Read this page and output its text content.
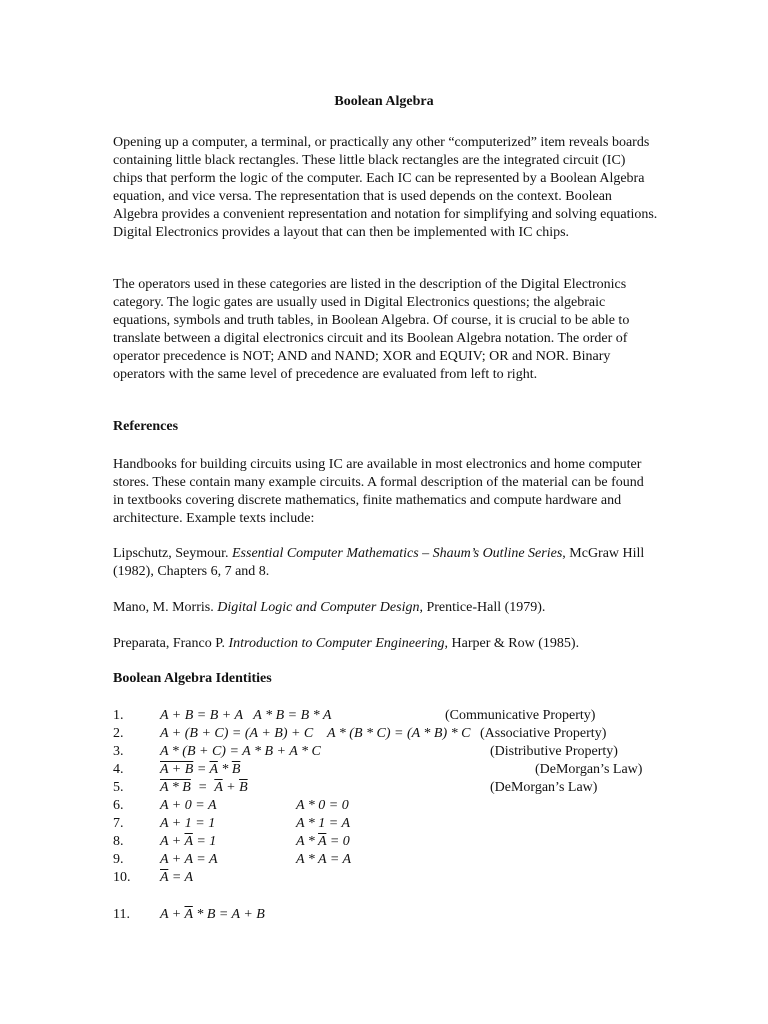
Boolean Algebra
Opening up a computer, a terminal, or practically any other “computerized” item reveals boards containing little black rectangles. These little black rectangles are the integrated circuit (IC) chips that perform the logic of the computer. Each IC can be represented by a Boolean Algebra equation, and vice versa. The representation that is used depends on the context. Boolean Algebra provides a convenient representation and notation for simplifying and solving equations. Digital Electronics provides a layout that can then be implemented with IC chips.
The operators used in these categories are listed in the description of the Digital Electronics category. The logic gates are usually used in Digital Electronics questions; the algebraic equations, symbols and truth tables, in Boolean Algebra. Of course, it is crucial to be able to translate between a digital electronics circuit and its Boolean Algebra notation. The order of operator precedence is NOT; AND and NAND; XOR and EQUIV; OR and NOR. Binary operators with the same level of precedence are evaluated from left to right.
References
Handbooks for building circuits using IC are available in most electronics and home computer stores. These contain many example circuits. A formal description of the material can be found in textbooks covering discrete mathematics, finite mathematics and compute hardware and architecture. Example texts include:
Lipschutz, Seymour. Essential Computer Mathematics – Shaum’s Outline Series, McGraw Hill (1982), Chapters 6, 7 and 8.
Mano, M. Morris. Digital Logic and Computer Design, Prentice-Hall (1979).
Preparata, Franco P. Introduction to Computer Engineering, Harper & Row (1985).
Boolean Algebra Identities
1.	A + B = B + A   A * B = B * A	(Communicative Property)
2.	A + (B + C) = (A + B) + C    A * (B * C) = (A * B) * C (Associative Property)
3.	A * (B + C) = A * B + A * C	(Distributive Property)
4.	$A + B = \overline{A} * \overline{B}$	(DeMorgan’s Law)
5.	$A * B = \overline{A} + \overline{B}$	(DeMorgan’s Law)
6.	A + 0 = A	A * 0 = 0
7.	A + 1 = 1	A * 1 = A
8.	$A + \overline{A} = 1$	$A * \overline{A} = 0$
9.	A + A = A	A * A = A
10. $\overline{A} = A$
11. $A + \overline{A} * B = A + B$
